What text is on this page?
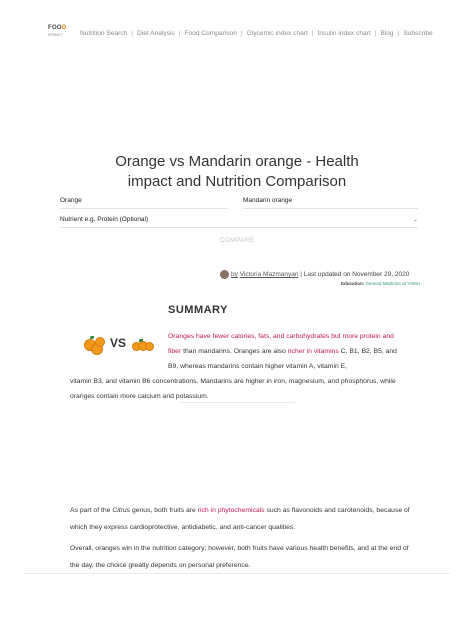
FOOD
STRUCT	Nutrition Search | Diet Analysis | Food Comparison | Glycemic index chart | Insulin index chart | Blog | Subscribe
Orange vs Mandarin orange - Health
impact and Nutrition Comparison
Orange	Mandarin orange
Nutrient e.g. Protein (Optional)	⌄
COMPARE
by Victoria Mazmanyan | Last updated on November 29, 2020
Education: General Medicine at YSMU
SUMMARY
VS	Oranges have fewer calories, fats, and carbohydrates but more protein and fiber than mandarins. Oranges are also richer in vitamins C, B1, B2, B5, and B9, whereas mandarins contain higher vitamin A, vitamin E,
vitamin B3, and vitamin B6 concentrations. Mandarins are higher in iron, magnesium, and phosphorus, while oranges contain more calcium and potassium.
As part of the Citrus genus, both fruits are rich in phytochemicals such as flavonoids and carotenoids, because of which they express cardioprotective, antidiabetic, and anti-cancer qualities.
Overall, oranges win in the nutrition category; however, both fruits have various health benefits, and at the end of the day, the choice greatly depends on personal preference.
